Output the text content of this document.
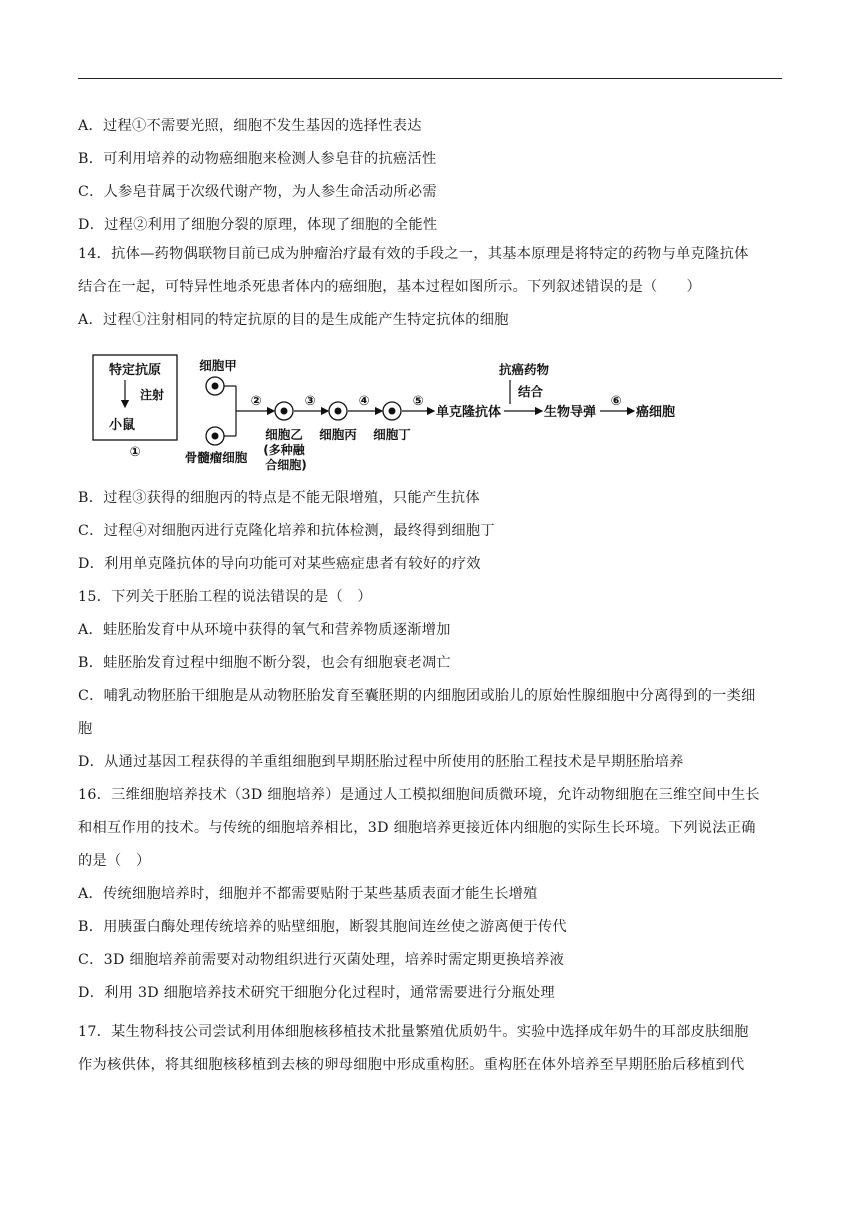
A．过程①不需要光照，细胞不发生基因的选择性表达
B．可利用培养的动物癌细胞来检测人参皂苷的抗癌活性
C．人参皂苷属于次级代谢产物，为人参生命活动所必需
D．过程②利用了细胞分裂的原理，体现了细胞的全能性
14．抗体—药物偶联物目前已成为肿瘤治疗最有效的手段之一，其基本原理是将特定的药物与单克隆抗体
结合在一起，可特异性地杀死患者体内的癌细胞，基本过程如图所示。下列叙述错误的是（　　）
A．过程①注射相同的特定抗原的目的是生成能产生特定抗体的细胞
特定抗原
注射
小鼠
①
细胞甲
骨髓瘤细胞
②
细胞乙
(多种融
合细胞)
③
细胞丙
④
细胞丁
⑤
单克隆抗体
抗癌药物
结合
生物导弹
⑥
癌细胞
B．过程③获得的细胞丙的特点是不能无限增殖，只能产生抗体
C．过程④对细胞丙进行克隆化培养和抗体检测，最终得到细胞丁
D．利用单克隆抗体的导向功能可对某些癌症患者有较好的疗效
15．下列关于胚胎工程的说法错误的是（　）
A．蛙胚胎发育中从环境中获得的氧气和营养物质逐渐增加
B．蛙胚胎发育过程中细胞不断分裂，也会有细胞衰老凋亡
C．哺乳动物胚胎干细胞是从动物胚胎发育至囊胚期的内细胞团或胎儿的原始性腺细胞中分离得到的一类细
胞
D．从通过基因工程获得的羊重组细胞到早期胚胎过程中所使用的胚胎工程技术是早期胚胎培养
16．三维细胞培养技术（3D 细胞培养）是通过人工模拟细胞间质微环境，允许动物细胞在三维空间中生长
和相互作用的技术。与传统的细胞培养相比，3D 细胞培养更接近体内细胞的实际生长环境。下列说法正确
的是（　）
A．传统细胞培养时，细胞并不都需要贴附于某些基质表面才能生长增殖
B．用胰蛋白酶处理传统培养的贴壁细胞，断裂其胞间连丝使之游离便于传代
C．3D 细胞培养前需要对动物组织进行灭菌处理，培养时需定期更换培养液
D．利用 3D 细胞培养技术研究干细胞分化过程时，通常需要进行分瓶处理
17．某生物科技公司尝试利用体细胞核移植技术批量繁殖优质奶牛。实验中选择成年奶牛的耳部皮肤细胞
作为核供体，将其细胞核移植到去核的卵母细胞中形成重构胚。重构胚在体外培养至早期胚胎后移植到代
